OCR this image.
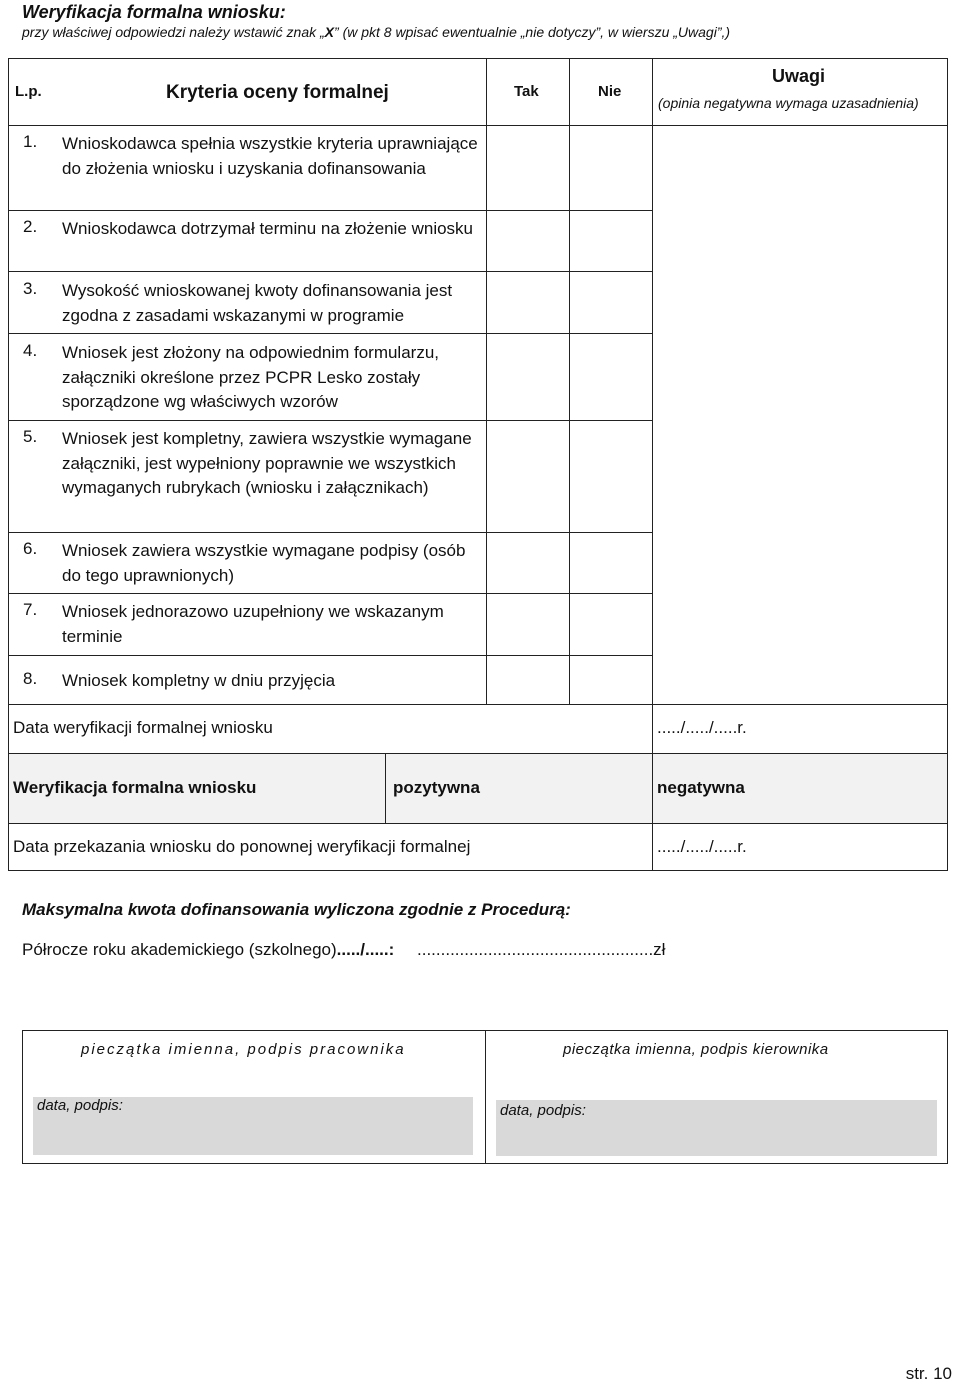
Weryfikacja formalna wniosku:
przy właściwej odpowiedzi należy wstawić znak „X” (w pkt 8 wpisać ewentualnie „nie dotyczy”, w wierszu „Uwagi”,)
L.p.	Kryteria oceny formalnej	Tak	Nie
Uwagi
(opinia negatywna wymaga uzasadnienia)
1. Wnioskodawca spełnia wszystkie kryteria uprawniające do złożenia wniosku i uzyskania dofinansowania
2. Wnioskodawca dotrzymał terminu na złożenie wniosku
3. Wysokość wnioskowanej kwoty dofinansowania jest zgodna z zasadami wskazanymi w programie
4. Wniosek jest złożony na odpowiednim formularzu, załączniki określone przez PCPR Lesko zostały sporządzone wg właściwych wzorów
5. Wniosek jest kompletny, zawiera wszystkie wymagane załączniki, jest wypełniony poprawnie we wszystkich wymaganych rubrykach (wniosku i załącznikach)
6. Wniosek zawiera wszystkie wymagane podpisy (osób do tego uprawnionych)
7. Wniosek jednorazowo uzupełniony we wskazanym terminie
8. Wniosek kompletny w dniu przyjęcia
Data weryfikacji formalnej wniosku	...../...../.....r.
Weryfikacja formalna wniosku	pozytywna	negatywna
Data przekazania wniosku do ponownej weryfikacji formalnej	...../...../.....r.
Maksymalna kwota dofinansowania wyliczona zgodnie z Procedurą:
Półrocze roku akademickiego (szkolnego)...../.....: ..................................................zł
pieczątka imienna, podpis pracownika	pieczątka imienna, podpis kierownika
data, podpis:	data, podpis:
str. 10
